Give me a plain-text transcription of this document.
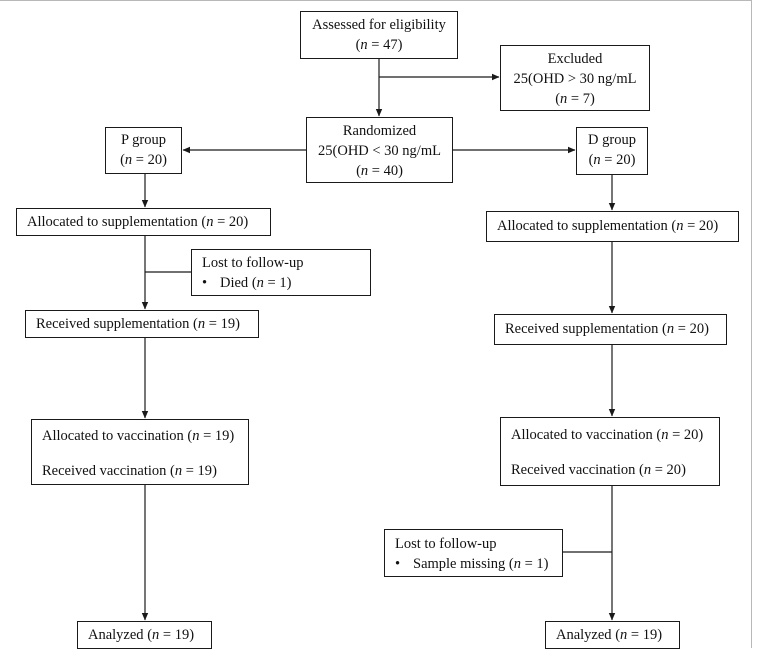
Assessed for eligibility
(n = 47)
Excluded
25(OHD > 30 ng/mL
(n = 7)
Randomized
25(OHD < 30 ng/mL
(n = 40)
P group
(n = 20)
Allocated to supplementation (n = 20)
Lost to follow-up
• Died (n = 1)
Received supplementation (n = 19)
Allocated to vaccination (n = 19)
Received vaccination (n = 19)
Analyzed (n = 19)
D group
(n = 20)
Allocated to supplementation (n = 20)
Received supplementation (n = 20)
Allocated to vaccination (n = 20)
Received vaccination (n = 20)
Lost to follow-up
• Sample missing (n = 1)
Analyzed (n = 19)
